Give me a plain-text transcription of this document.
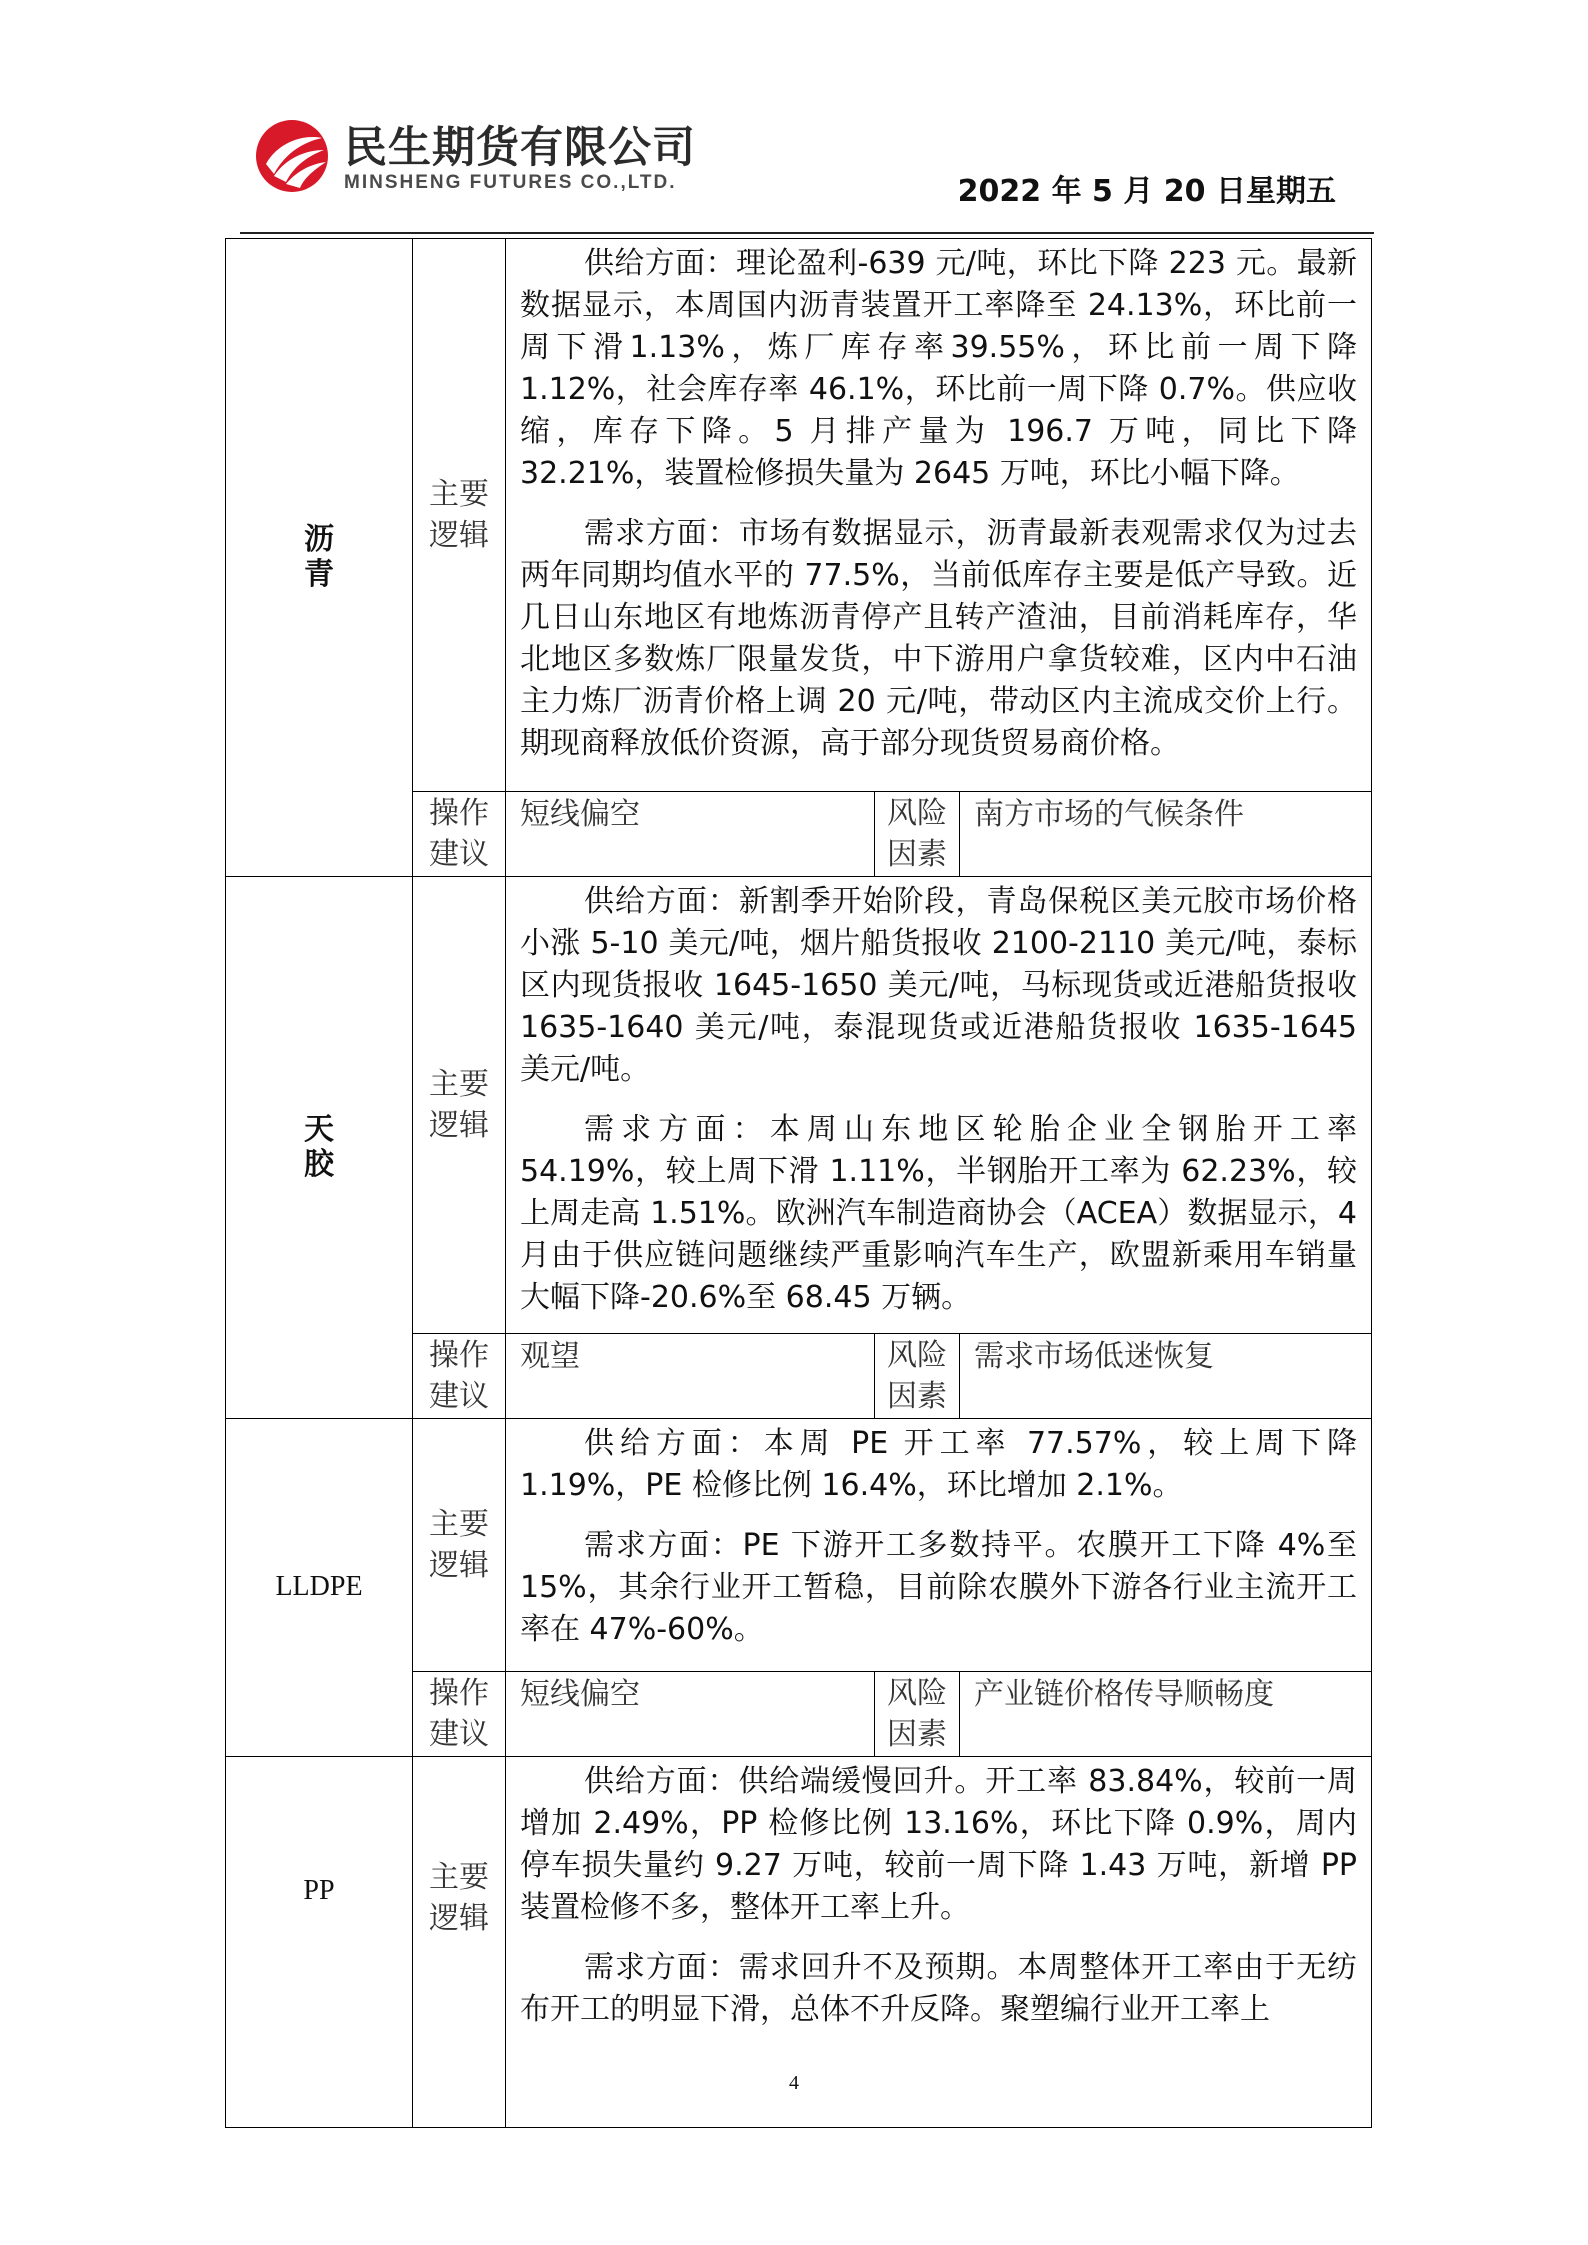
民生期货有限公司
MINSHENG FUTURES CO.,LTD.	2022 年 5 月 20 日星期五
沥青	主要逻辑	供给方面：理论盈利-639 元/吨，环比下降 223 元。最新数据显示，本周国内沥青装置开工率降至 24.13%，环比前一周下滑1.13%，炼厂库存率39.55%，环比前一周下降1.12%，社会库存率 46.1%，环比前一周下降 0.7%。供应收缩，库存下降。5 月排产量为 196.7 万吨，同比下降 32.21%，装置检修损失量为 2645 万吨，环比小幅下降。

需求方面：市场有数据显示，沥青最新表观需求仅为过去两年同期均值水平的 77.5%，当前低库存主要是低产导致。近几日山东地区有地炼沥青停产且转产渣油，目前消耗库存，华北地区多数炼厂限量发货，中下游用户拿货较难，区内中石油主力炼厂沥青价格上调 20 元/吨，带动区内主流成交价上行。期现商释放低价资源，高于部分现货贸易商价格。		

	操作建议	短线偏空	风险因素	南方市场的气候条件
天胶	主要逻辑	供给方面：新割季开始阶段，青岛保税区美元胶市场价格小涨 5-10 美元/吨，烟片船货报收 2100-2110 美元/吨，泰标区内现货报收 1645-1650 美元/吨，马标现货或近港船货报收 1635-1640 美元/吨，泰混现货或近港船货报收 1635-1645 美元/吨。

需求方面：本周山东地区轮胎企业全钢胎开工率 54.19%，较上周下滑 1.11%，半钢胎开工率为 62.23%，较上周走高 1.51%。欧洲汽车制造商协会（ACEA）数据显示，4 月由于供应链问题继续严重影响汽车生产，欧盟新乘用车销量大幅下降-20.6%至 68.45 万辆。		

	操作建议	观望	风险因素	需求市场低迷恢复
LLDPE	主要逻辑	供给方面：本周 PE 开工率 77.57%，较上周下降 1.19%，PE 检修比例 16.4%，环比增加 2.1%。

需求方面：PE 下游开工多数持平。农膜开工下降 4%至 15%，其余行业开工暂稳，目前除农膜外下游各行业主流开工率在 47%-60%。		

	操作建议	短线偏空	风险因素	产业链价格传导顺畅度
PP	主要逻辑	供给方面：供给端缓慢回升。开工率 83.84%，较前一周增加 2.49%，PP 检修比例 13.16%，环比下降 0.9%，周内停车损失量约 9.27 万吨，较前一周下降 1.43 万吨，新增 PP 装置检修不多，整体开工率上升。

需求方面：需求回升不及预期。本周整体开工率由于无纺布开工的明显下滑，总体不升反降。聚塑编行业开工率上		

4
